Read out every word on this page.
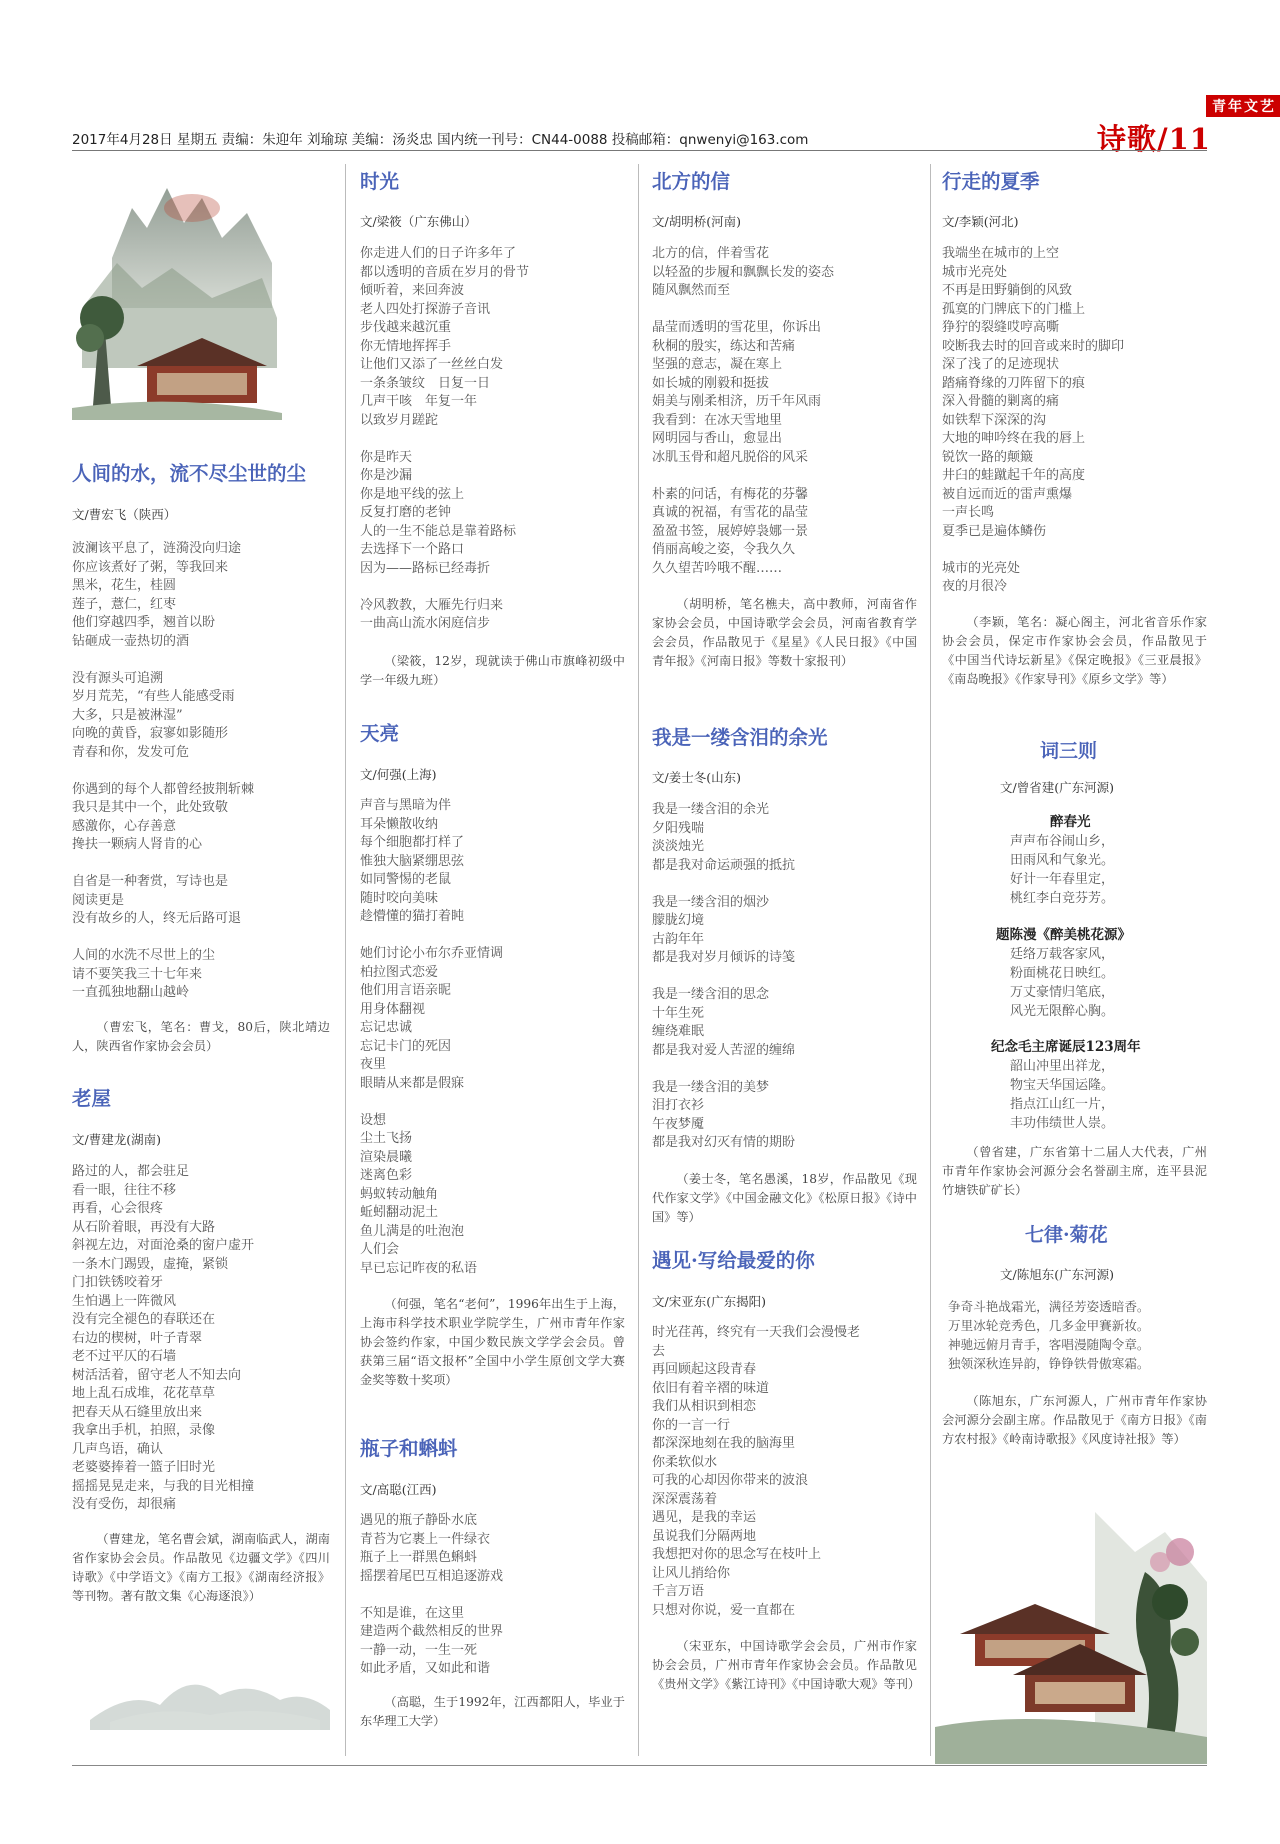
2017年4月28日 星期五 责编：朱迎年 刘瑜琼 美编：汤炎忠 国内统一刊号：CN44-0088 投稿邮箱：qnwenyi@163.com
青年文艺
诗歌/11
人间的水，流不尽尘世的尘
文/曹宏飞（陕西）
波澜该平息了，涟漪没向归途
你应该煮好了粥，等我回来
黑米，花生，桂圆
莲子，薏仁，红枣
他们穿越四季，翘首以盼
钻砸成一壶热切的酒

没有源头可追溯
岁月荒芜，“有些人能感受雨
大多，只是被淋湿”
向晚的黄昏，寂寥如影随形
青春和你，发发可危

你遇到的每个人都曾经披荆斩棘
我只是其中一个，此处致敬
感激你，心存善意
搀扶一颗病人肾肯的心

自省是一种奢赏，写诗也是
阅读更是
没有故乡的人，终无后路可退

人间的水洗不尽世上的尘
请不要笑我三十七年来
一直孤独地翻山越岭
（曹宏飞，笔名：曹戈，80后，陕北靖边人，陕西省作家协会会员）
老屋
文/曹建龙(湖南)
路过的人，都会驻足
看一眼，往往不移
再看，心会很疼
从石阶着眼，再没有大路
斜视左边，对面沧桑的窗户虚开
一条木门踢毁，虚掩，紧锁
门扣铁锈咬着牙
生怕遇上一阵微风
没有完全褪色的春联还在
右边的楔树，叶子青翠
老不过平仄的石墙
树活活着，留守老人不知去向
地上乱石成堆，花花草草
把春天从石缝里放出来
我拿出手机，拍照，录像
几声鸟语，确认
老婆婆捧着一篮子旧时光
摇摇晃晃走来，与我的目光相撞
没有受伤，却很痛
（曹建龙，笔名曹会斌，湖南临武人，湖南省作家协会会员。作品散见《边疆文学》《四川诗歌》《中学语文》《南方工报》《湖南经济报》等刊物。著有散文集《心海逐浪》）
时光
文/梁筱（广东佛山）
你走进人们的日子许多年了
都以透明的音质在岁月的骨节
倾听着，来回奔波
老人四处打探游子音讯
步伐越来越沉重
你无情地挥挥手
让他们又添了一丝丝白发
一条条皱纹　日复一日
几声干咳　年复一年
以致岁月蹉跎

你是昨天
你是沙漏
你是地平线的弦上
反复打磨的老钟
人的一生不能总是靠着路标
去选择下一个路口
因为——路标已经毒折

冷风教教，大雁先行归来
一曲高山流水闲庭信步
（梁筱，12岁，现就读于佛山市旗峰初级中学一年级九班）
天亮
文/何强(上海)
声音与黑暗为伴
耳朵懒散收纳
每个细胞都打样了
惟独大脑紧绷思弦
如同警惕的老鼠
随时咬向美味
趁懵懂的猫打着盹

她们讨论小布尔乔亚情调
柏拉图式恋爱
他们用言语亲昵
用身体翻视
忘记忠诚
忘记卡门的死因
夜里
眼睛从来都是假寐

设想
尘土飞扬
渲染晨曦
迷离色彩
蚂蚁转动触角
蚯蚓翻动泥土
鱼儿满是的吐泡泡
人们会
早已忘记昨夜的私语
（何强，笔名“老何”，1996年出生于上海，上海市科学技术职业学院学生，广州市青年作家协会签约作家，中国少数民族文学学会会员。曾获第三届“语文报杯”全国中小学生原创文学大赛金奖等数十奖项）
瓶子和蝌蚪
文/高聪(江西)
遇见的瓶子静卧水底
青苔为它裹上一件绿衣
瓶子上一群黑色蝌蚪
摇摆着尾巴互相追逐游戏

不知是谁，在这里
建造两个截然相反的世界
一静一动，一生一死
如此矛盾，又如此和谐
（高聪，生于1992年，江西都阳人，毕业于东华理工大学）
北方的信
文/胡明桥(河南)
北方的信，伴着雪花
以轻盈的步履和飘飘长发的姿态
随风飘然而至

晶莹而透明的雪花里，你诉出
秋桐的殷实，练达和苦痛
坚强的意志，凝在寒上
如长城的刚毅和挺拔
娟美与刚柔相济，历千年风雨
我看到：在冰天雪地里
网明园与香山，愈显出
冰肌玉骨和超凡脱俗的风采

朴素的问话，有梅花的芬馨
真诚的祝福，有雪花的晶莹
盈盈书签，展婷婷袅娜一景
俏丽高峻之姿，令我久久
久久望苦吟哦不醒……
（胡明桥，笔名樵夫，高中教师，河南省作家协会会员，中国诗歌学会会员，河南省教育学会会员，作品散见于《星星》《人民日报》《中国青年报》《河南日报》等数十家报刊）
我是一缕含泪的余光
文/姜士冬(山东)
我是一缕含泪的余光
夕阳残喘
淡淡烛光
都是我对命运顽强的抵抗

我是一缕含泪的烟沙
朦胧幻境
古韵年年
都是我对岁月倾诉的诗笺

我是一缕含泪的思念
十年生死
缠绕难眠
都是我对爱人苦涩的缠绵

我是一缕含泪的美梦
泪打衣衫
午夜梦魇
都是我对幻灭有情的期盼
（姜士冬，笔名愚溪，18岁，作品散见《现代作家文学》《中国金融文化》《松原日报》《诗中国》等）
遇见·写给最爱的你
文/宋亚东(广东揭阳)
时光荏苒，终究有一天我们会漫慢老
去
再回顾起这段青春
依旧有着辛褶的味道
我们从相识到相恋
你的一言一行
都深深地刻在我的脑海里
你柔软似水
可我的心却因你带来的波浪
深深震荡着
遇见，是我的幸运
虽说我们分隔两地
我想把对你的思念写在枝叶上
让风儿捎给你
千言万语
只想对你说，爱一直都在
（宋亚东，中国诗歌学会会员，广州市作家协会会员，广州市青年作家协会会员。作品散见《贵州文学》《紫江诗刊》《中国诗歌大观》等刊）
行走的夏季
文/李颖(河北)
我端坐在城市的上空
城市光亮处
不再是田野躺倒的风致
孤寞的门牌底下的门槛上
狰狞的裂缝哎哼高嘶
咬断我去时的回音或来时的脚印
深了浅了的足迹现状
踏痛脊缘的刀阵留下的痕
深入骨髓的剿离的痛
如铁犁下深深的沟
大地的呻吟终在我的唇上
锐饮一路的颠簸
井臼的蛙蹴起千年的高度
被自远而近的雷声熏爆
一声长鸣
夏季已是遍体鳞伤

城市的光亮处
夜的月很冷
（李颖，笔名：凝心阁主，河北省音乐作家协会会员，保定市作家协会会员，作品散见于《中国当代诗坛新星》《保定晚报》《三亚晨报》《南岛晚报》《作家导刊》《原乡文学》等）
词三则
文/曾省建(广东河源)
醉春光
声声布谷闹山乡，
田雨风和气象光。
好计一年春里定，
桃红李白竞芬芳。
题陈漫《醉美桃花源》
廷络万载客家风，
粉面桃花日映红。
万丈豪情归笔底，
风光无限醉心胸。
纪念毛主席诞辰123周年
韶山冲里出祥龙，
物宝天华国运隆。
指点江山红一片，
丰功伟绩世人崇。
（曾省建，广东省第十二届人大代表，广州市青年作家协会河源分会名誉副主席，连平县泥竹塘铁矿矿长）
七律·菊花
文/陈旭东(广东河源)
争奇斗艳战霜光，满径芳姿透暗香。
万里冰轮竞秀色，几多金甲賽新妆。
神驰远俯月青手，客唱漫随陶令章。
独领深秋连异韵，铮铮铁骨傲寒霜。
（陈旭东，广东河源人，广州市青年作家协会河源分会副主席。作品散见于《南方日报》《南方农村报》《岭南诗歌报》《风度诗社报》等）
